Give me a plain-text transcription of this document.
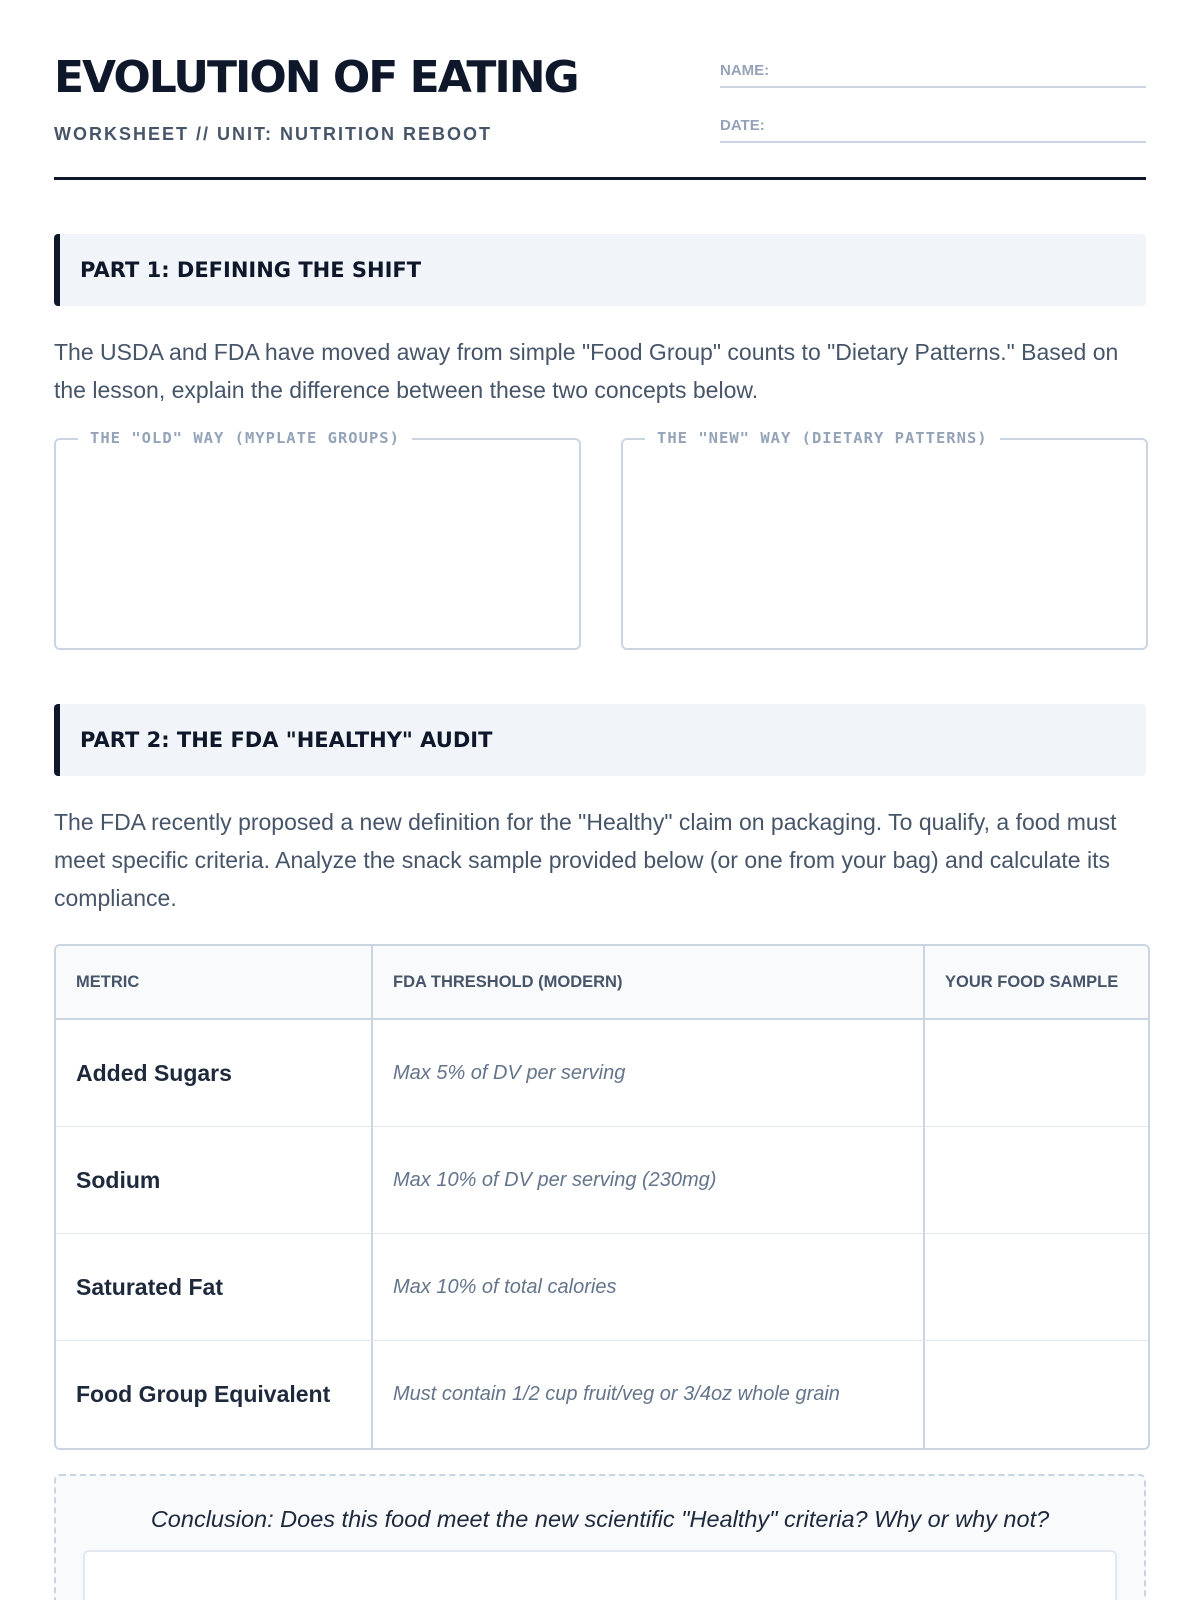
EVOLUTION OF EATING
WORKSHEET // UNIT: NUTRITION REBOOT
NAME:
DATE:
PART 1: DEFINING THE SHIFT

The USDA and FDA have moved away from simple "Food Group" counts to "Dietary Patterns." Based on the lesson, explain the difference between these two concepts below.

THE "OLD" WAY (MYPLATE GROUPS)	THE "NEW" WAY (DIETARY PATTERNS)
PART 2: THE FDA "HEALTHY" AUDIT

The FDA recently proposed a new definition for the "Healthy" claim on packaging. To qualify, a food must meet specific criteria. Analyze the snack sample provided below (or one from your bag) and calculate its compliance.

METRIC	FDA THRESHOLD (MODERN)	YOUR FOOD SAMPLE
Added Sugars	Max 5% of DV per serving	
Sodium	Max 10% of DV per serving (230mg)	
Saturated Fat	Max 10% of total calories	
Food Group Equivalent	Must contain 1/2 cup fruit/veg or 3/4oz whole grain	
Conclusion: Does this food meet the new scientific "Healthy" criteria? Why or why not?
